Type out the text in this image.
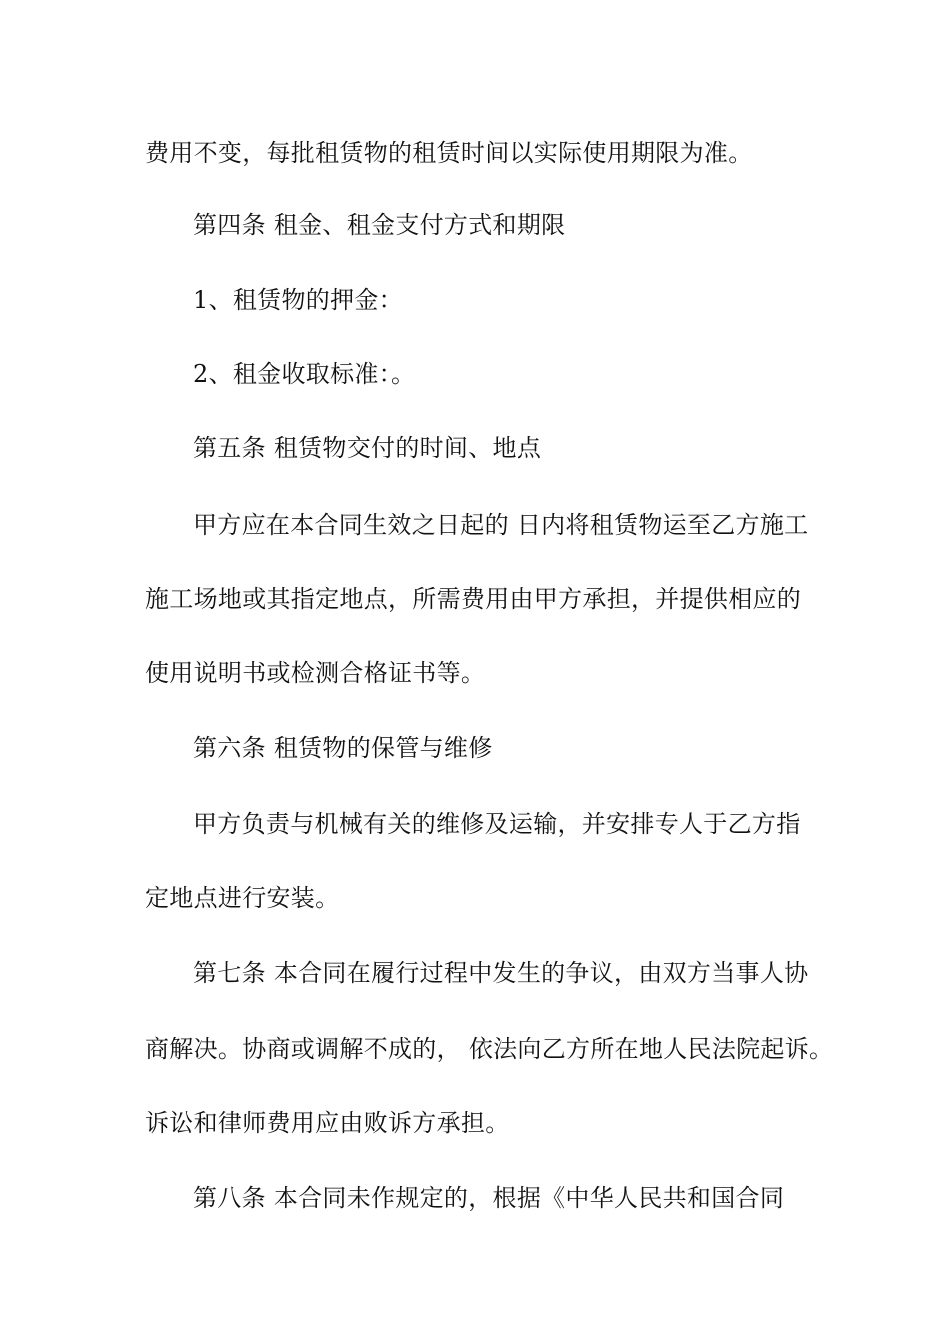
费用不变，每批租赁物的租赁时间以实际使用期限为准。
第四条 租金、租金支付方式和期限
1、租赁物的押金：
2、租金收取标准：。
第五条 租赁物交付的时间、地点
甲方应在本合同生效之日起的 日内将租赁物运至乙方施工
施工场地或其指定地点，所需费用由甲方承担，并提供相应的
使用说明书或检测合格证书等。
第六条 租赁物的保管与维修
甲方负责与机械有关的维修及运输，并安排专人于乙方指
定地点进行安装。
第七条 本合同在履行过程中发生的争议，由双方当事人协
商解决。协商或调解不成的， 依法向乙方所在地人民法院起诉。
诉讼和律师费用应由败诉方承担。
第八条 本合同未作规定的，根据《中华人民共和国合同
